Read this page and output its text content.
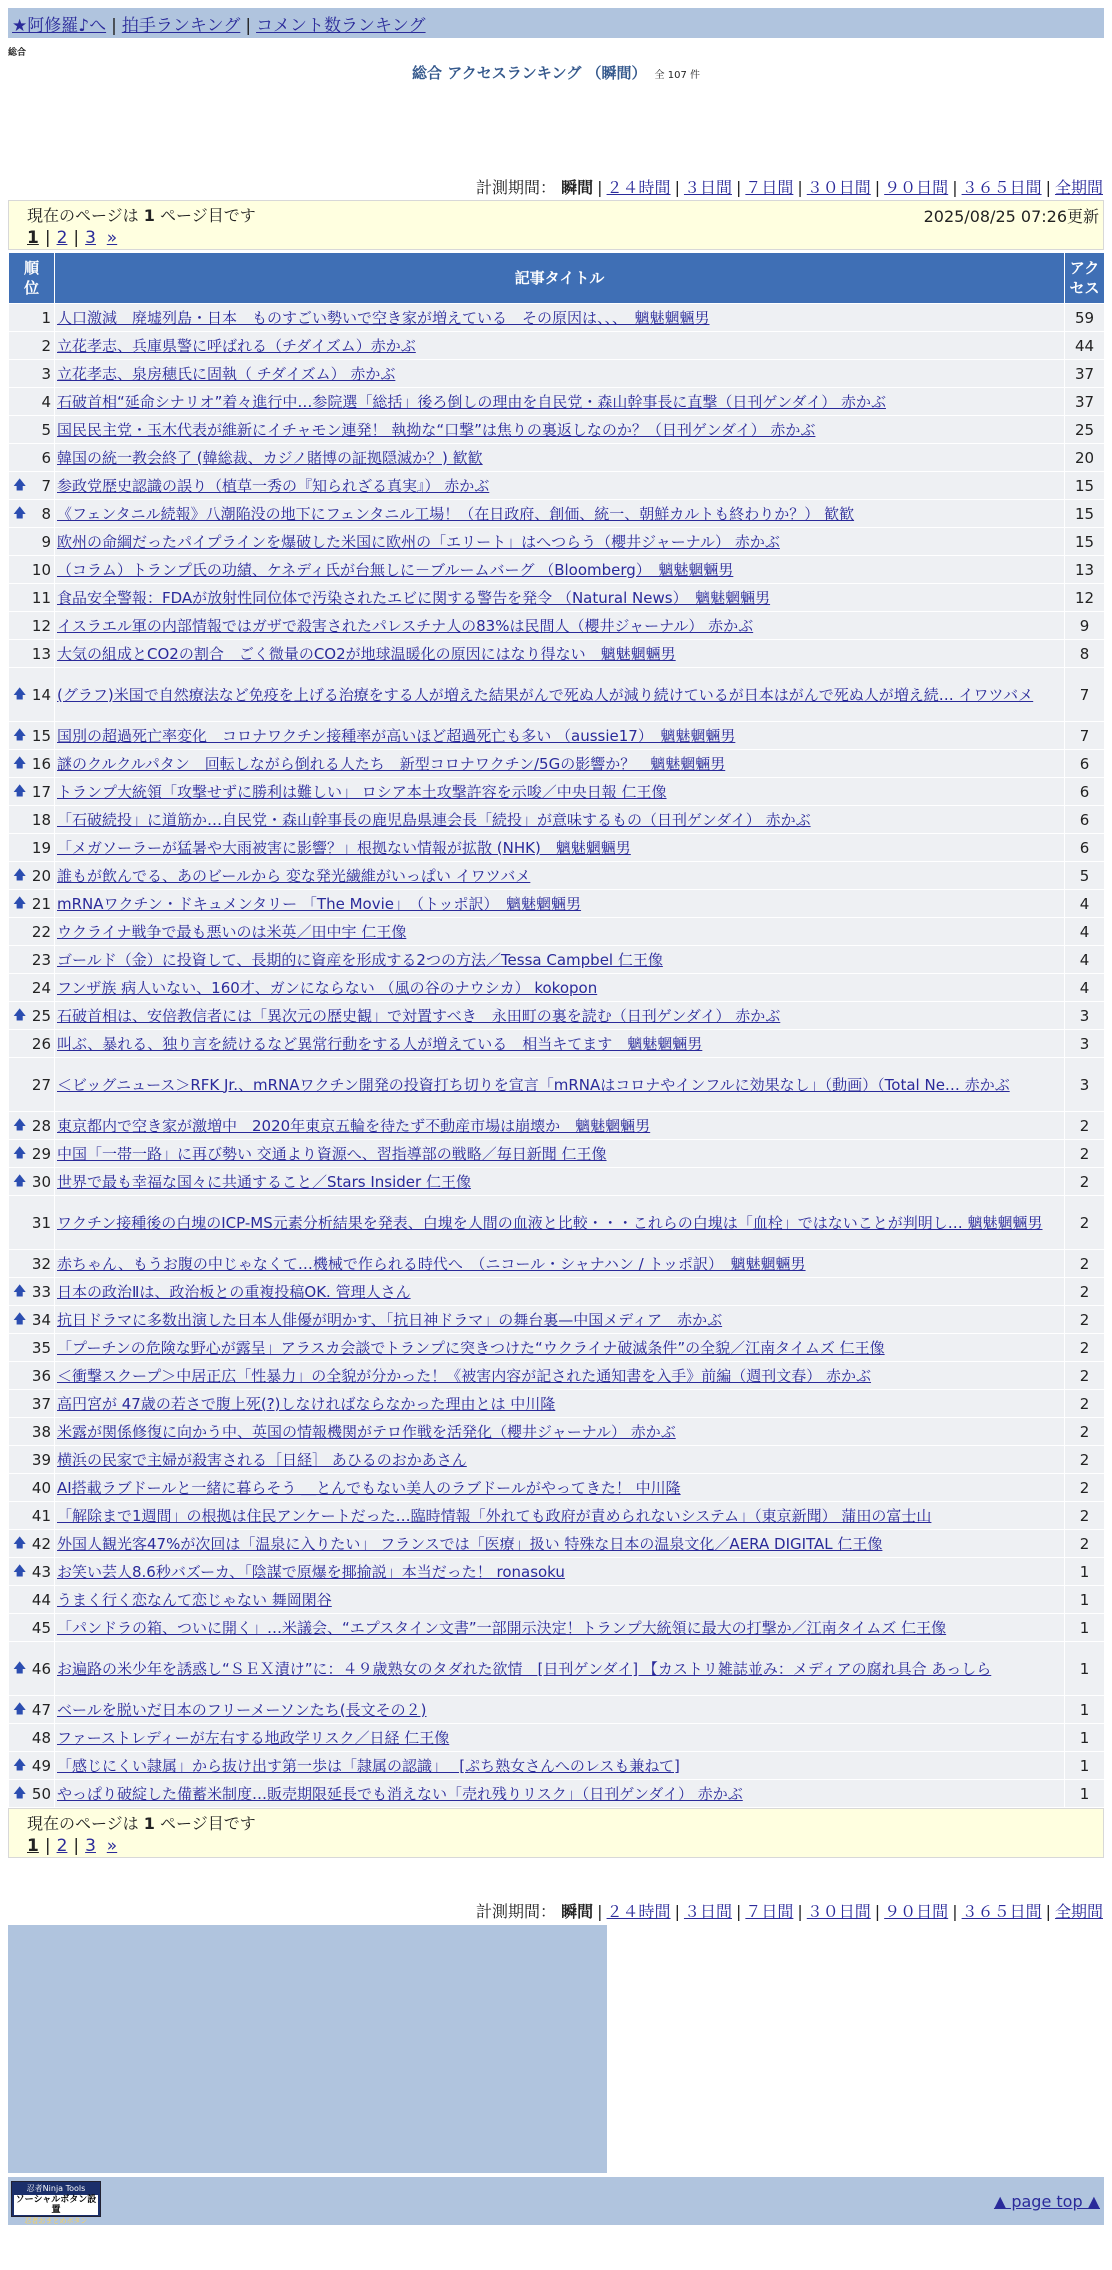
★阿修羅♪へ | 拍手ランキング | コメント数ランキング
総合
総合 アクセスランキング （瞬間） 全 107 件
計測期間： 瞬間 | ２４時間 | ３日間 | ７日間 | ３０日間 | ９０日間 | ３６５日間 | 全期間
現在のページは 1 ページ目です	2025/08/25 07:26更新
1 | 2 | 3 »
順位	記事タイトル	アクセス

1	人口激減　廃墟列島・日本　ものすごい勢いで空き家が増えている　その原因は、、、　魑魅魍魎男	59
2	立花孝志、兵庫県警に呼ばれる（チダイズム）赤かぶ	44
3	立花孝志、泉房穂氏に固執（ チダイズム） 赤かぶ	37
4	石破首相“延命シナリオ”着々進行中…参院選「総括」後ろ倒しの理由を自民党・森山幹事長に直撃（日刊ゲンダイ） 赤かぶ	37
5	国民民主党・玉木代表が維新にイチャモン連発！ 執拗な“口撃”は焦りの裏返しなのか？（日刊ゲンダイ） 赤かぶ	25
6	韓国の統一教会終了 (韓総裁、カジノ賭博の証拠隠滅か？) 歓歓	20

🡅 7	参政党歴史認識の誤り（植草一秀の『知られざる真実』） 赤かぶ	15

🡅 8	《フェンタニル続報》八潮陥没の地下にフェンタニル工場！（在日政府、創価、統一、朝鮮カルトも終わりか？） 歓歓	15
9	欧州の命綱だったパイプラインを爆破した米国に欧州の「エリート」はへつらう（櫻井ジャーナル） 赤かぶ	15
10	（コラム）トランプ氏の功績、ケネディ氏が台無しに－ブルームバーグ （Bloomberg）　魑魅魍魎男	13
11	食品安全警報：FDAが放射性同位体で汚染されたエビに関する警告を発令 （Natural News）　魑魅魍魎男	12
12	イスラエル軍の内部情報ではガザで殺害されたパレスチナ人の83%は民間人（櫻井ジャーナル） 赤かぶ	9
13	大気の組成とCO2の割合　ごく微量のCO2が地球温暖化の原因にはなり得ない　魑魅魍魎男	8

🡅 14	(グラフ)米国で自然療法など免疫を上げる治療をする人が増えた結果がんで死ぬ人が減り続けているが日本はがんで死ぬ人が増え続… イワツバメ	7

🡅 15	国別の超過死亡率変化　コロナワクチン接種率が高いほど超過死亡も多い （aussie17）　魑魅魍魎男	7

🡅 16	謎のクルクルパタン　回転しながら倒れる人たち　新型コロナワクチン/5Gの影響か？　魑魅魍魎男	6

🡅 17	トランプ大統領「攻撃せずに勝利は難しい」 ロシア本土攻撃許容を示唆／中央日報 仁王像	6
18	「石破続投」に道筋か…自民党・森山幹事長の鹿児島県連会長「続投」が意味するもの（日刊ゲンダイ） 赤かぶ	6
19	「メガソーラーが猛暑や大雨被害に影響？」根拠ない情報が拡散 (NHK)　魑魅魍魎男	6

🡅 20	誰もが飲んでる、あのビールから 変な発光繊維がいっぱい イワツバメ	5

🡅 21	mRNAワクチン・ドキュメンタリー 「The Movie」　（トッポ訳）　魑魅魍魎男	4
22	ウクライナ戦争で最も悪いのは米英／田中宇 仁王像	4
23	ゴールド（金）に投資して、長期的に資産を形成する2つの方法／Tessa Campbel 仁王像	4
24	フンザ族 病人いない、160才、ガンにならない （風の谷のナウシカ） kokopon	4

🡅 25	石破首相は、安倍教信者には「異次元の歴史観」で対置すべき　永田町の裏を読む（日刊ゲンダイ） 赤かぶ	3
26	叫ぶ、暴れる、独り言を続けるなど異常行動をする人が増えている　相当キてます　魑魅魍魎男	3
27	＜ビッグニュース＞RFK Jr.、mRNAワクチン開発の投資打ち切りを宣言「mRNAはコロナやインフルに効果なし」（動画）（Total Ne… 赤かぶ	3

🡅 28	東京都内で空き家が激増中　2020年東京五輪を待たず不動産市場は崩壊か　魑魅魍魎男	2

🡅 29	中国「一帯一路」に再び勢い 交通より資源へ、習指導部の戦略／毎日新聞 仁王像	2

🡅 30	世界で最も幸福な国々に共通すること／Stars Insider 仁王像	2
31	ワクチン接種後の白塊のICP-MS元素分析結果を発表、白塊を人間の血液と比較・・・これらの白塊は「血栓」ではないことが判明し… 魑魅魍魎男	2
32	赤ちゃん、もうお腹の中じゃなくて…機械で作られる時代へ　（ニコール・シャナハン / トッポ訳）　魑魅魍魎男	2

🡅 33	日本の政治Ⅱは、政治板との重複投稿OK. 管理人さん	2

🡅 34	抗日ドラマに多数出演した日本人俳優が明かす、「抗日神ドラマ」の舞台裏—中国メディア　赤かぶ	2
35	「プーチンの危険な野心が露呈」アラスカ会談でトランプに突きつけた“ウクライナ破滅条件”の全貌／江南タイムズ 仁王像	2
36	＜衝撃スクープ＞中居正広「性暴力」の全貌が分かった！《被害内容が記された通知書を入手》前編（週刊文春） 赤かぶ	2
37	高円宮が 47歳の若さで腹上死(?)しなければならなかった理由とは 中川隆	2
38	米露が関係修復に向かう中、英国の情報機関がテロ作戦を活発化（櫻井ジャーナル） 赤かぶ	2
39	横浜の民家で主婦が殺害される［日経］ あひるのおかあさん	2
40	AI搭載ラブドールと一緒に暮らそう ＿とんでもない美人のラブドールがやってきた！ 中川隆	2
41	「解除まで1週間」の根拠は住民アンケートだった…臨時情報「外れても政府が責められないシステム」（東京新聞） 蒲田の富士山	2

🡅 42	外国人観光客47%が次回は「温泉に入りたい」 フランスでは「医療」扱い 特殊な日本の温泉文化／AERA DIGITAL 仁王像	2

🡅 43	お笑い芸人8.6秒バズーカ、「陰謀で原爆を揶揄説」本当だった！ ronasoku	1
44	うまく行く恋なんて恋じゃない 舞岡閑谷	1
45	「パンドラの箱、ついに開く」…米議会、“エプスタイン文書”一部開示決定！トランプ大統領に最大の打撃か／江南タイムズ 仁王像	1

🡅 46	お遍路の米少年を誘惑し“ＳＥＸ漬け”に：４９歳熟女のタダれた欲情　[日刊ゲンダイ] 【カストリ雑誌並み：メディアの腐れ具合 あっしら	1

🡅 47	ベールを脱いだ日本のフリーメーソンたち(長文その２)	1
48	ファーストレディーが左右する地政学リスク／日経 仁王像	1

🡅 49	「感じにくい隷属」から抜け出す第一歩は「隷属の認識」　 [ぷち熟女さんへのレスも兼ねて]	1

🡅 50	やっぱり破綻した備蓄米制度…販売期限延長でも消えない「売れ残りリスク」（日刊ゲンダイ） 赤かぶ	1
計測期間： 瞬間 | ２４時間 | ３日間 | ７日間 | ３０日間 | ９０日間 | ３６５日間 | 全期間
現在のページは 1 ページ目です
1 | 2 | 3 »
忍者Ninja Tools
ソーシャルボタン設置
忍者おまとめボタン
▲ page top ▲
